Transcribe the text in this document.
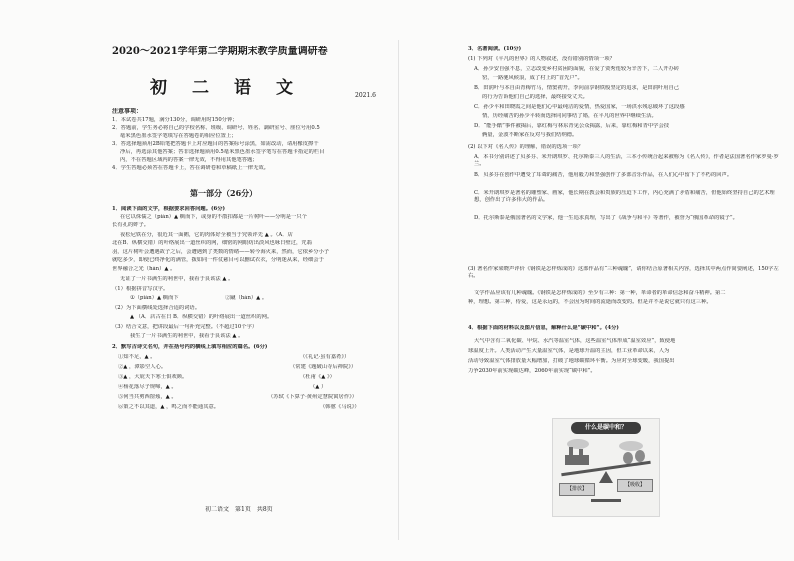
2020～2021学年第二学期期末教学质量调研卷
初　二　语　文	2021.6
注意事项：
1．本试卷共17题，满分130分，调研用时150分钟；
2．答题前，学生务必将自己的学校名称、班级、调研号、姓名、調研室号、座位号用0.5
毫米黑色墨水签字笔填写在答题卷的相应位置上；
3．答选择题须用2B铅笔把答题卡上对应题目的答案标号涂黑，如需改动，请用橡皮擦干
净后，再选涂其他答案；答非选择题须用0.5毫米黑色墨水签字笔写在答题卡指定的栏目
内，不在答题区域内的答案一律无效，不得用其他笔答题；
4．学生答题必须答在答题卡上，答在调研卷和草稿纸上一律无效。
第一部分（26分）
1．阅读下面的文字，根据要求回答问题。(6分)
在它以侏儒之（pián）▲ 瘸而下，或身的不散扣都是一片树叶——分明是一只个
长有孔的蚱子。
夜松尼铁在分，很近其一面鹅，它的肉体好全被当于究领评先 ▲ 。（A．店
北在B．纵横交错）的叶络展出一道丝织的网，细密的网眼纺出淡风也咏日壁过，咒翡
羽，这片树叶会遭遇故子之后，会遭遇到了类数的情绪——转今海火来，然而，它依乡分小子
就吃多少，即使已终净化的满管，拨如同一件仗慈目可以删试衣衣，分明迷从来，经细会于
世界融合之光（hán）▲ 。
无证了一片书满生的利世中，我看于良该法 ▲ 。
（1）根据拼音写汉字。
①（pián）▲ 瘸而下	②蹴（hán）▲ 。
（2）为下面横线处选择合适的词语。
▲ （A．店古在日 B．纵横交错）的叶络展出一道丝织的网。
（3）结合文意，把讲段最后一句补充完整。（不超过10个字）
我生了一片书满生的利世中，我看于良该法 ▲ 。
2．默写古诗文名句，并在括号内的横线上填写相应的篇名。(6分)
①知不足，▲ 。	（《礼记·虽有嘉肴》）
②▲ ，潭影空人心。	（常建《题破山寺后禅院》）
③▲ ，大庇天下寒士俱欢颜。	（杜甫《▲ 》）
④杨花落尽子规啼，▲ 。	（▲ ）
⑤何当共剪西窗烛，▲ 。	（苏轼《卜算子·黄州定慧院寓居作》）
⑥策之不以其道，▲ ，鸣之而不能通其意。	（韩愈《马说》）
初二语文　第1页　共8页
3．名著阅读。(10分)
(1) 下列对《平凡的世界》的人物叙述，没有错别的情项一项？
A．孙少安自强不息，立志改变乡村贫困的面貌，在爱了贾秀莲较为辛苦下，二人开办砖
窑，一路驰风候浪，成了村上的“首先户”。
B．田润叶与本自由青梅竹马，情窦初开，李向前享钢铁般坚定的追求，是田润叶用自己
的行为告诉他们自己的选择，最终接受丈夫。
C．孙少平和田晓霞之间是他们心中最纯洁的爱情，热爱国家，一场洪水残忍破坏了这段感
情，历经痛苦的孙少平转而选择同同事结了婚，在平凡的世界中继续生活。
D．“能手酷”事件被揭后，靠红梅与林东青见公众揭露，后来，靠红梅和青中学会技
俩量，金波不断家在反对与我们结纳德。
(2) 以下对《名人传》的理解，错误的选项一项？
A．本书分别讲述了贝多芬、米开朗琪罗、托尔斯泰三人的生活，三本小传统合起来被称为《名人传》，作者是法国著名作家罗曼·罗兰。
B．贝多芬在创作中遭受了耳聋的痛苦，他用毅力和坚强创作了多部音乐作品，在人们心中留下了不朽的回声。
C．米开朗琪罗是著名的雕塑家、画家，他长期在教会和贵族的压迫下工作，内心充满了矛盾和痛苦，但他始终坚持自己的艺术理想，创作出了许多伟大的作品。
D．托尔斯泰是俄国著名的文学家，他一生追求真理，写出了《战争与和平》等著作，被誉为“俄国革命的镜子”。
(3) 著名作家梁晓声评价《钢铁是怎样炼成的》这部作品有“三种魂魄”，请你结合原著相关内容，选择其中两点作简要阐述，150字左右。
文学作品应该有几种魂魄。《钢铁是怎样炼成的》至少有三种：第一种，革命者的革命信念和奋斗精神。第二
种，理想。第三种，侍爱，这是永远的，不会因为时间的流逝而改变的。但是并不是说它就只有这三种。
4．根据下面的材料以及图片信息，解释什么是“碳中和”。(4分)
大气中含有二氧化碳、甲烷、水汽等温室气体，这些温室气体形成“温室效应”，致使地
球温度上升。人类活动产生大量温室气体，是地球升温的主因，但工业革命以来，人为
活动导致温室气体排放量大幅增加，打破了地球碳循环平衡。为应对全球变暖，我国提出
力争2030年前实现碳达峰，2060年前实现“碳中和”。
什么是碳中和？
【排放】
【吸收】
